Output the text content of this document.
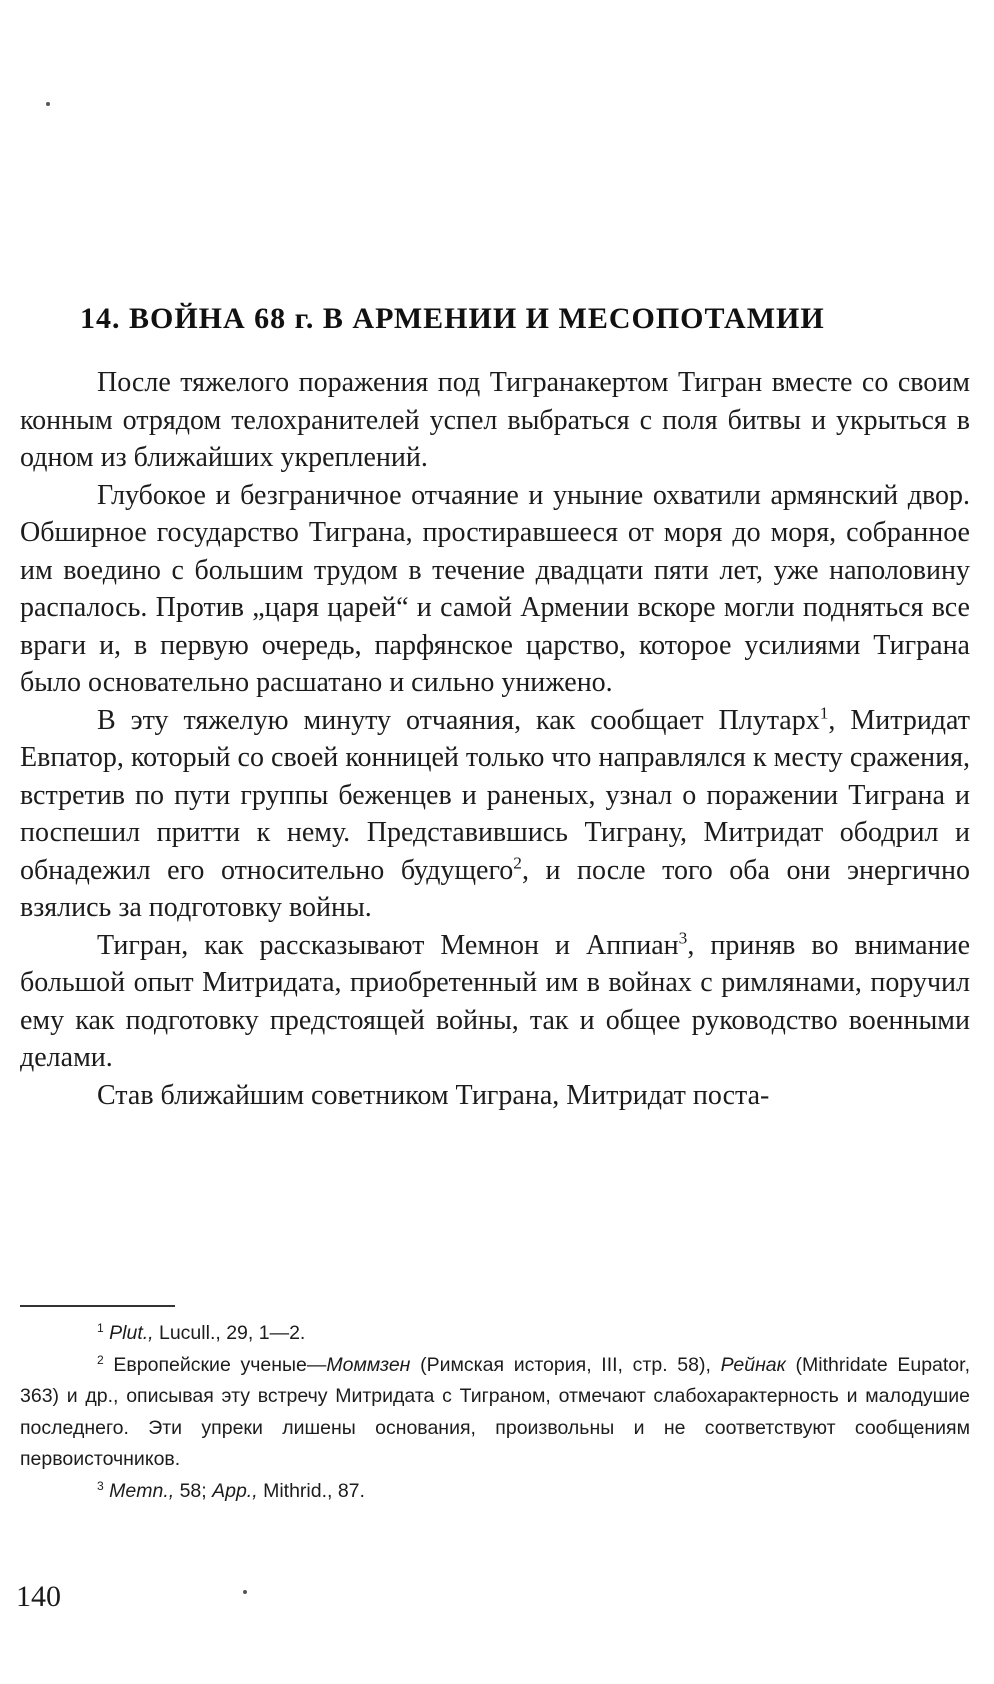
14. ВОЙНА 68 г. В АРМЕНИИ И МЕСОПОТАМИИ

После тяжелого поражения под Тигранакертом Тигран вместе со своим конным отрядом телохранителей успел выбраться с поля битвы и укрыться в одном из ближайших укреплений.

Глубокое и безграничное отчаяние и уныние охватили армянский двор. Обширное государство Тиграна, простиравшееся от моря до моря, собранное им воедино с большим трудом в течение двадцати пяти лет, уже наполовину распалось. Против „царя царей“ и самой Армении вскоре могли подняться все враги и, в первую очередь, парфянское царство, которое усилиями Тиграна было основательно расшатано и сильно унижено.

В эту тяжелую минуту отчаяния, как сообщает Плутарх$^1$, Митридат Евпатор, который со своей конницей только что направлялся к месту сражения, встретив по пути группы беженцев и раненых, узнал о поражении Тиграна и поспешил притти к нему. Представившись Тиграну, Митридат ободрил и обнадежил его относительно будущего$^2$, и после того оба они энергично взялись за подготовку войны.

Тигран, как рассказывают Мемнон и Аппиан$^3$, приняв во внимание большой опыт Митридата, приобретенный им в войнах с римлянами, поручил ему как подготовку предстоящей войны, так и общее руководство военными делами.

Став ближайшим советником Тиграна, Митридат поста-

$^1$ Plut., Lucull., 29, 1—2.

$^2$ Европейские ученые—Моммзен (Римская история, III, стр. 58), Рейнак (Mithridate Eupator, 363) и др., описывая эту встречу Митридата с Тиграном, отмечают слабохарактерность и малодушие последнего. Эти упреки лишены основания, произвольны и не соответствуют сообщениям первоисточников.

$^3$ Memn., 58; App., Mithrid., 87.

140
